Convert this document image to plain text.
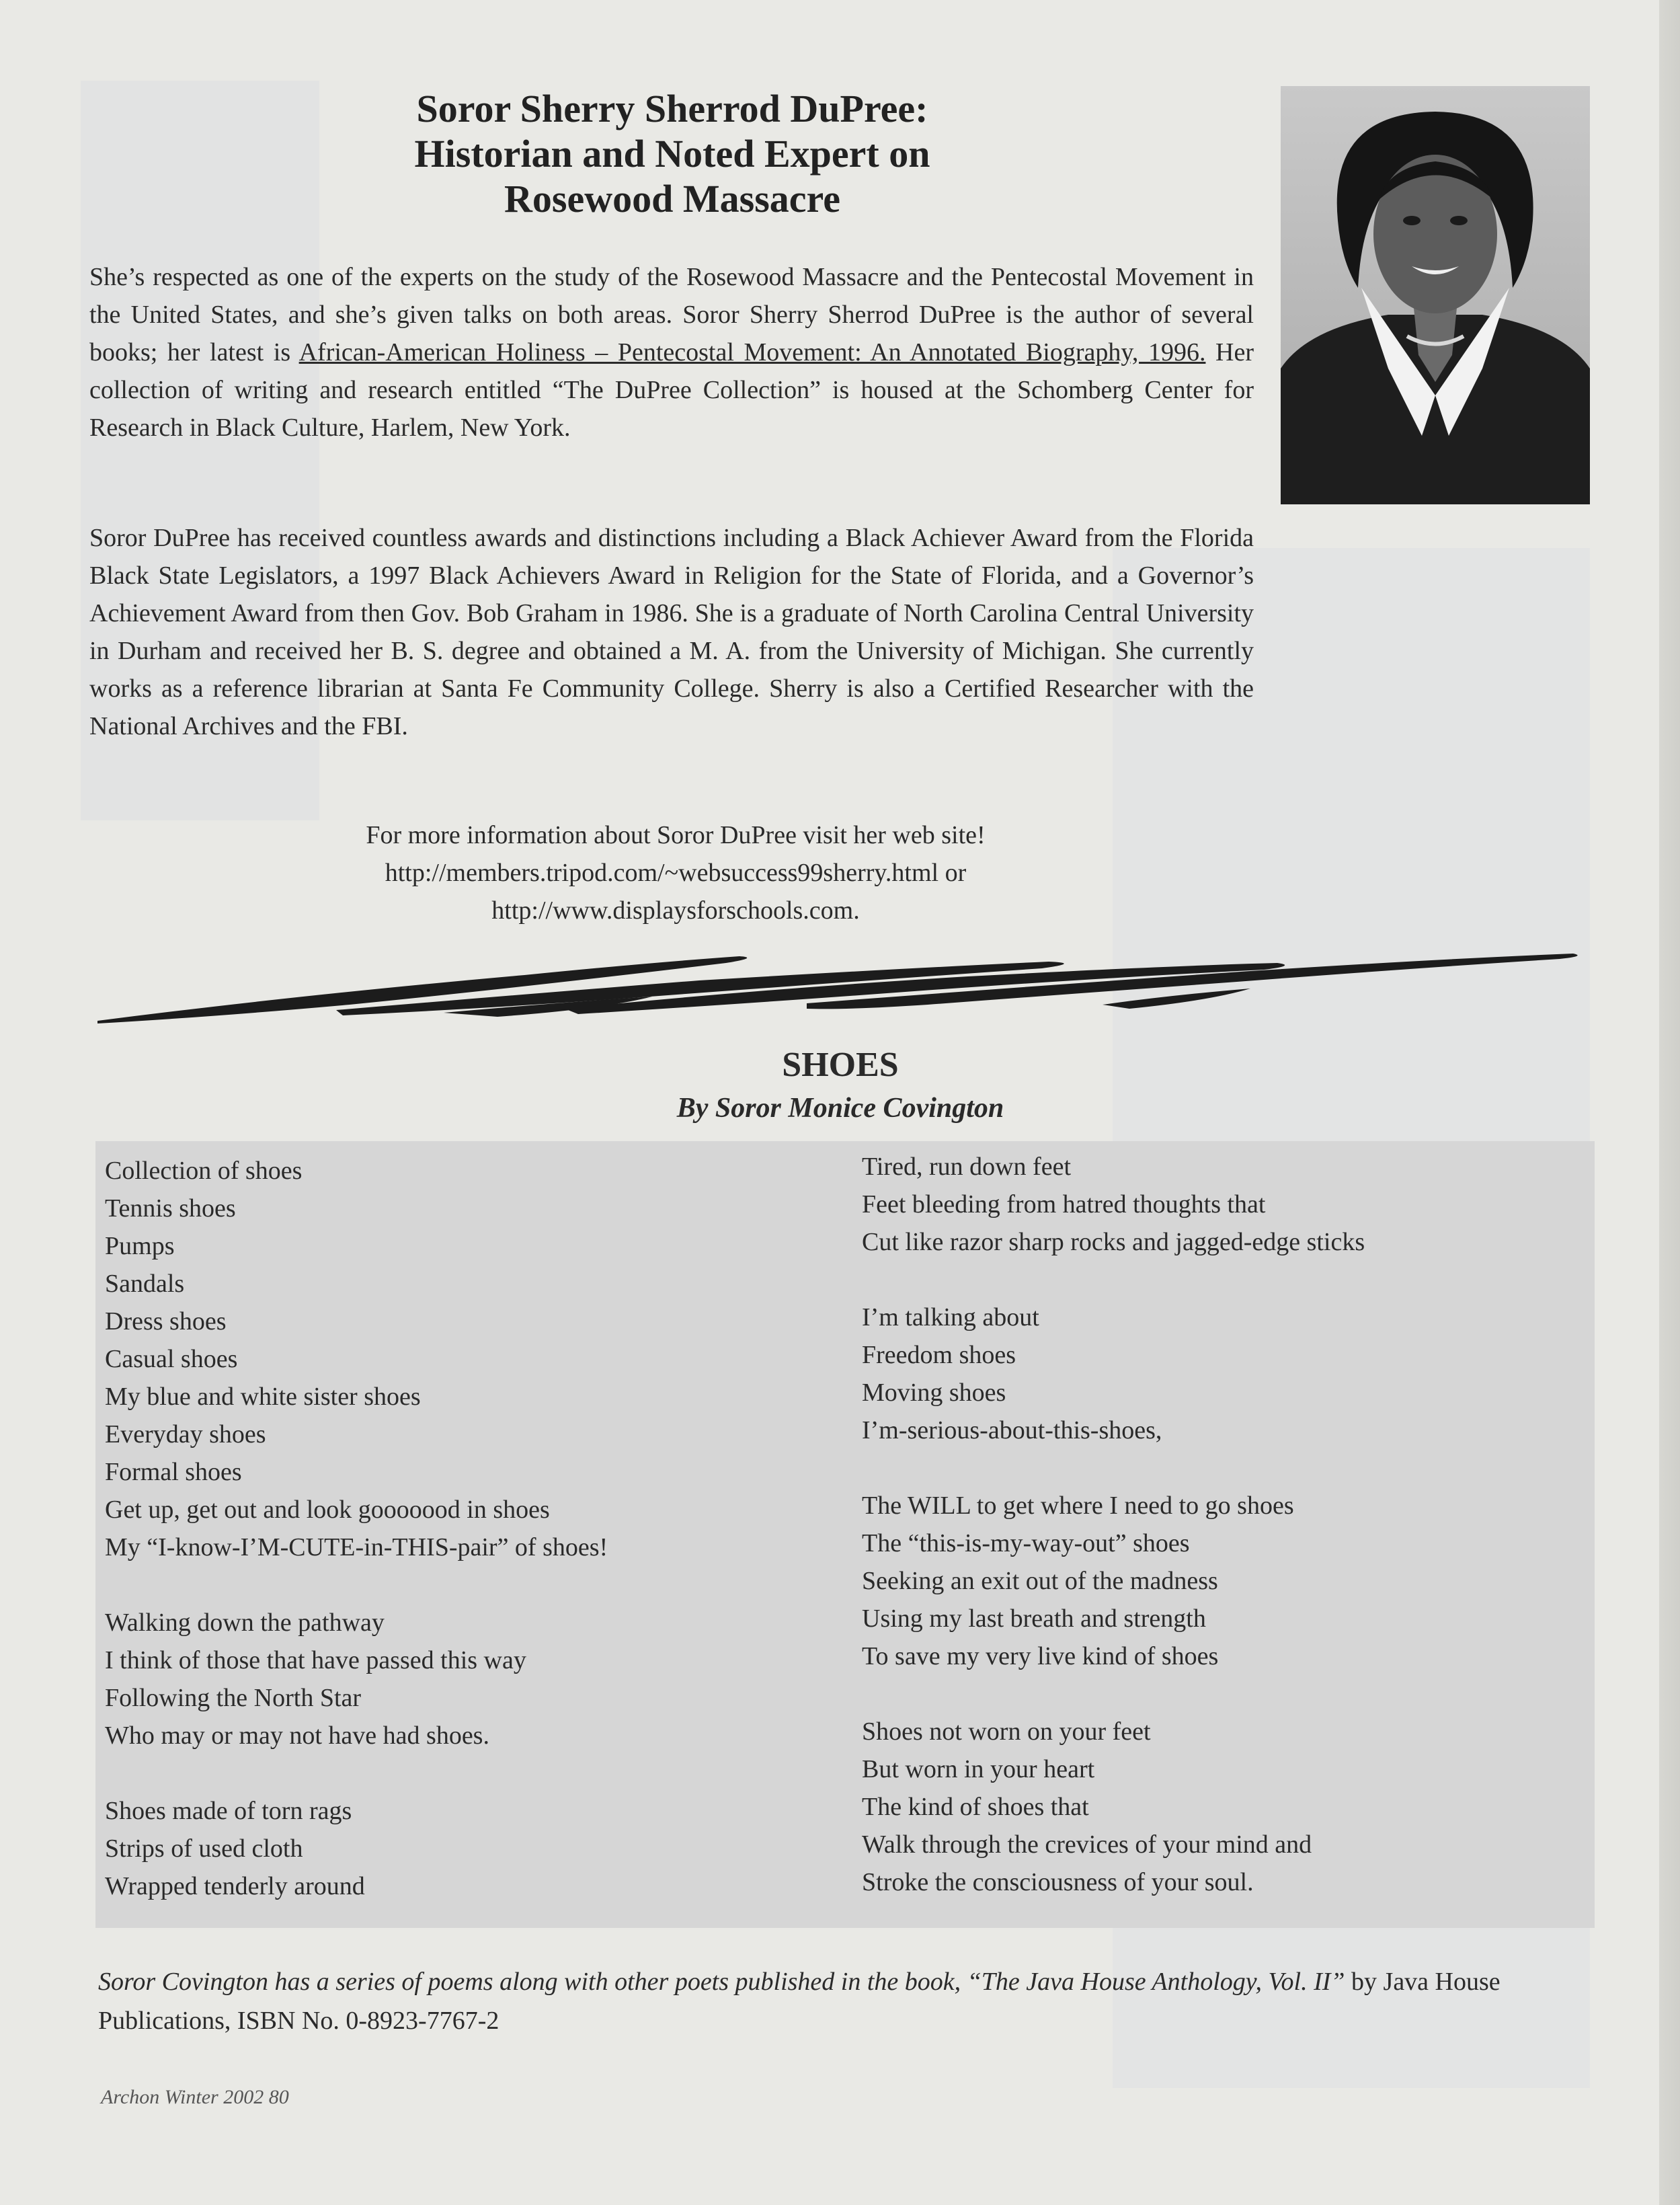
Soror Sherry Sherrod DuPree:
Historian and Noted Expert on
Rosewood Massacre

She’s respected as one of the experts on the study of the Rosewood Massacre and the Pentecostal Movement in the United States, and she’s given talks on both areas. Soror Sherry Sherrod DuPree is the author of several books; her latest is African-American Holiness – Pentecostal Movement: An Annotated Biography, 1996. Her collection of writing and research entitled “The DuPree Collection” is housed at the Schomberg Center for Research in Black Culture, Harlem, New York.

Soror DuPree has received countless awards and distinctions including a Black Achiever Award from the Florida Black State Legislators, a 1997 Black Achievers Award in Religion for the State of Florida, and a Governor’s Achievement Award from then Gov. Bob Graham in 1986. She is a graduate of North Carolina Central University in Durham and received her B. S. degree and obtained a M. A. from the University of Michigan. She currently works as a reference librarian at Santa Fe Community College. Sherry is also a Certified Researcher with the National Archives and the FBI.

For more information about Soror DuPree visit her web site!
http://members.tripod.com/~websuccess99sherry.html or
http://www.displaysforschools.com.

SHOES

By Soror Monice Covington

Collection of shoes
Tennis shoes
Pumps
Sandals
Dress shoes
Casual shoes
My blue and white sister shoes
Everyday shoes
Formal shoes
Get up, get out and look gooooood in shoes
My “I-know-I’M-CUTE-in-THIS-pair” of shoes!
Walking down the pathway
I think of those that have passed this way
Following the North Star
Who may or may not have had shoes.
Shoes made of torn rags
Strips of used cloth
Wrapped tenderly around
Tired, run down feet
Feet bleeding from hatred thoughts that
Cut like razor sharp rocks and jagged-edge sticks
I’m talking about
Freedom shoes
Moving shoes
I’m-serious-about-this-shoes,
The WILL to get where I need to go shoes
The “this-is-my-way-out” shoes
Seeking an exit out of the madness
Using my last breath and strength
To save my very live kind of shoes
Shoes not worn on your feet
But worn in your heart
The kind of shoes that
Walk through the crevices of your mind and
Stroke the consciousness of your soul.

Soror Covington has a series of poems along with other poets published in the book, “The Java House Anthology, Vol. II” by Java House Publications, ISBN No. 0-8923-7767-2

Archon Winter 2002 80
